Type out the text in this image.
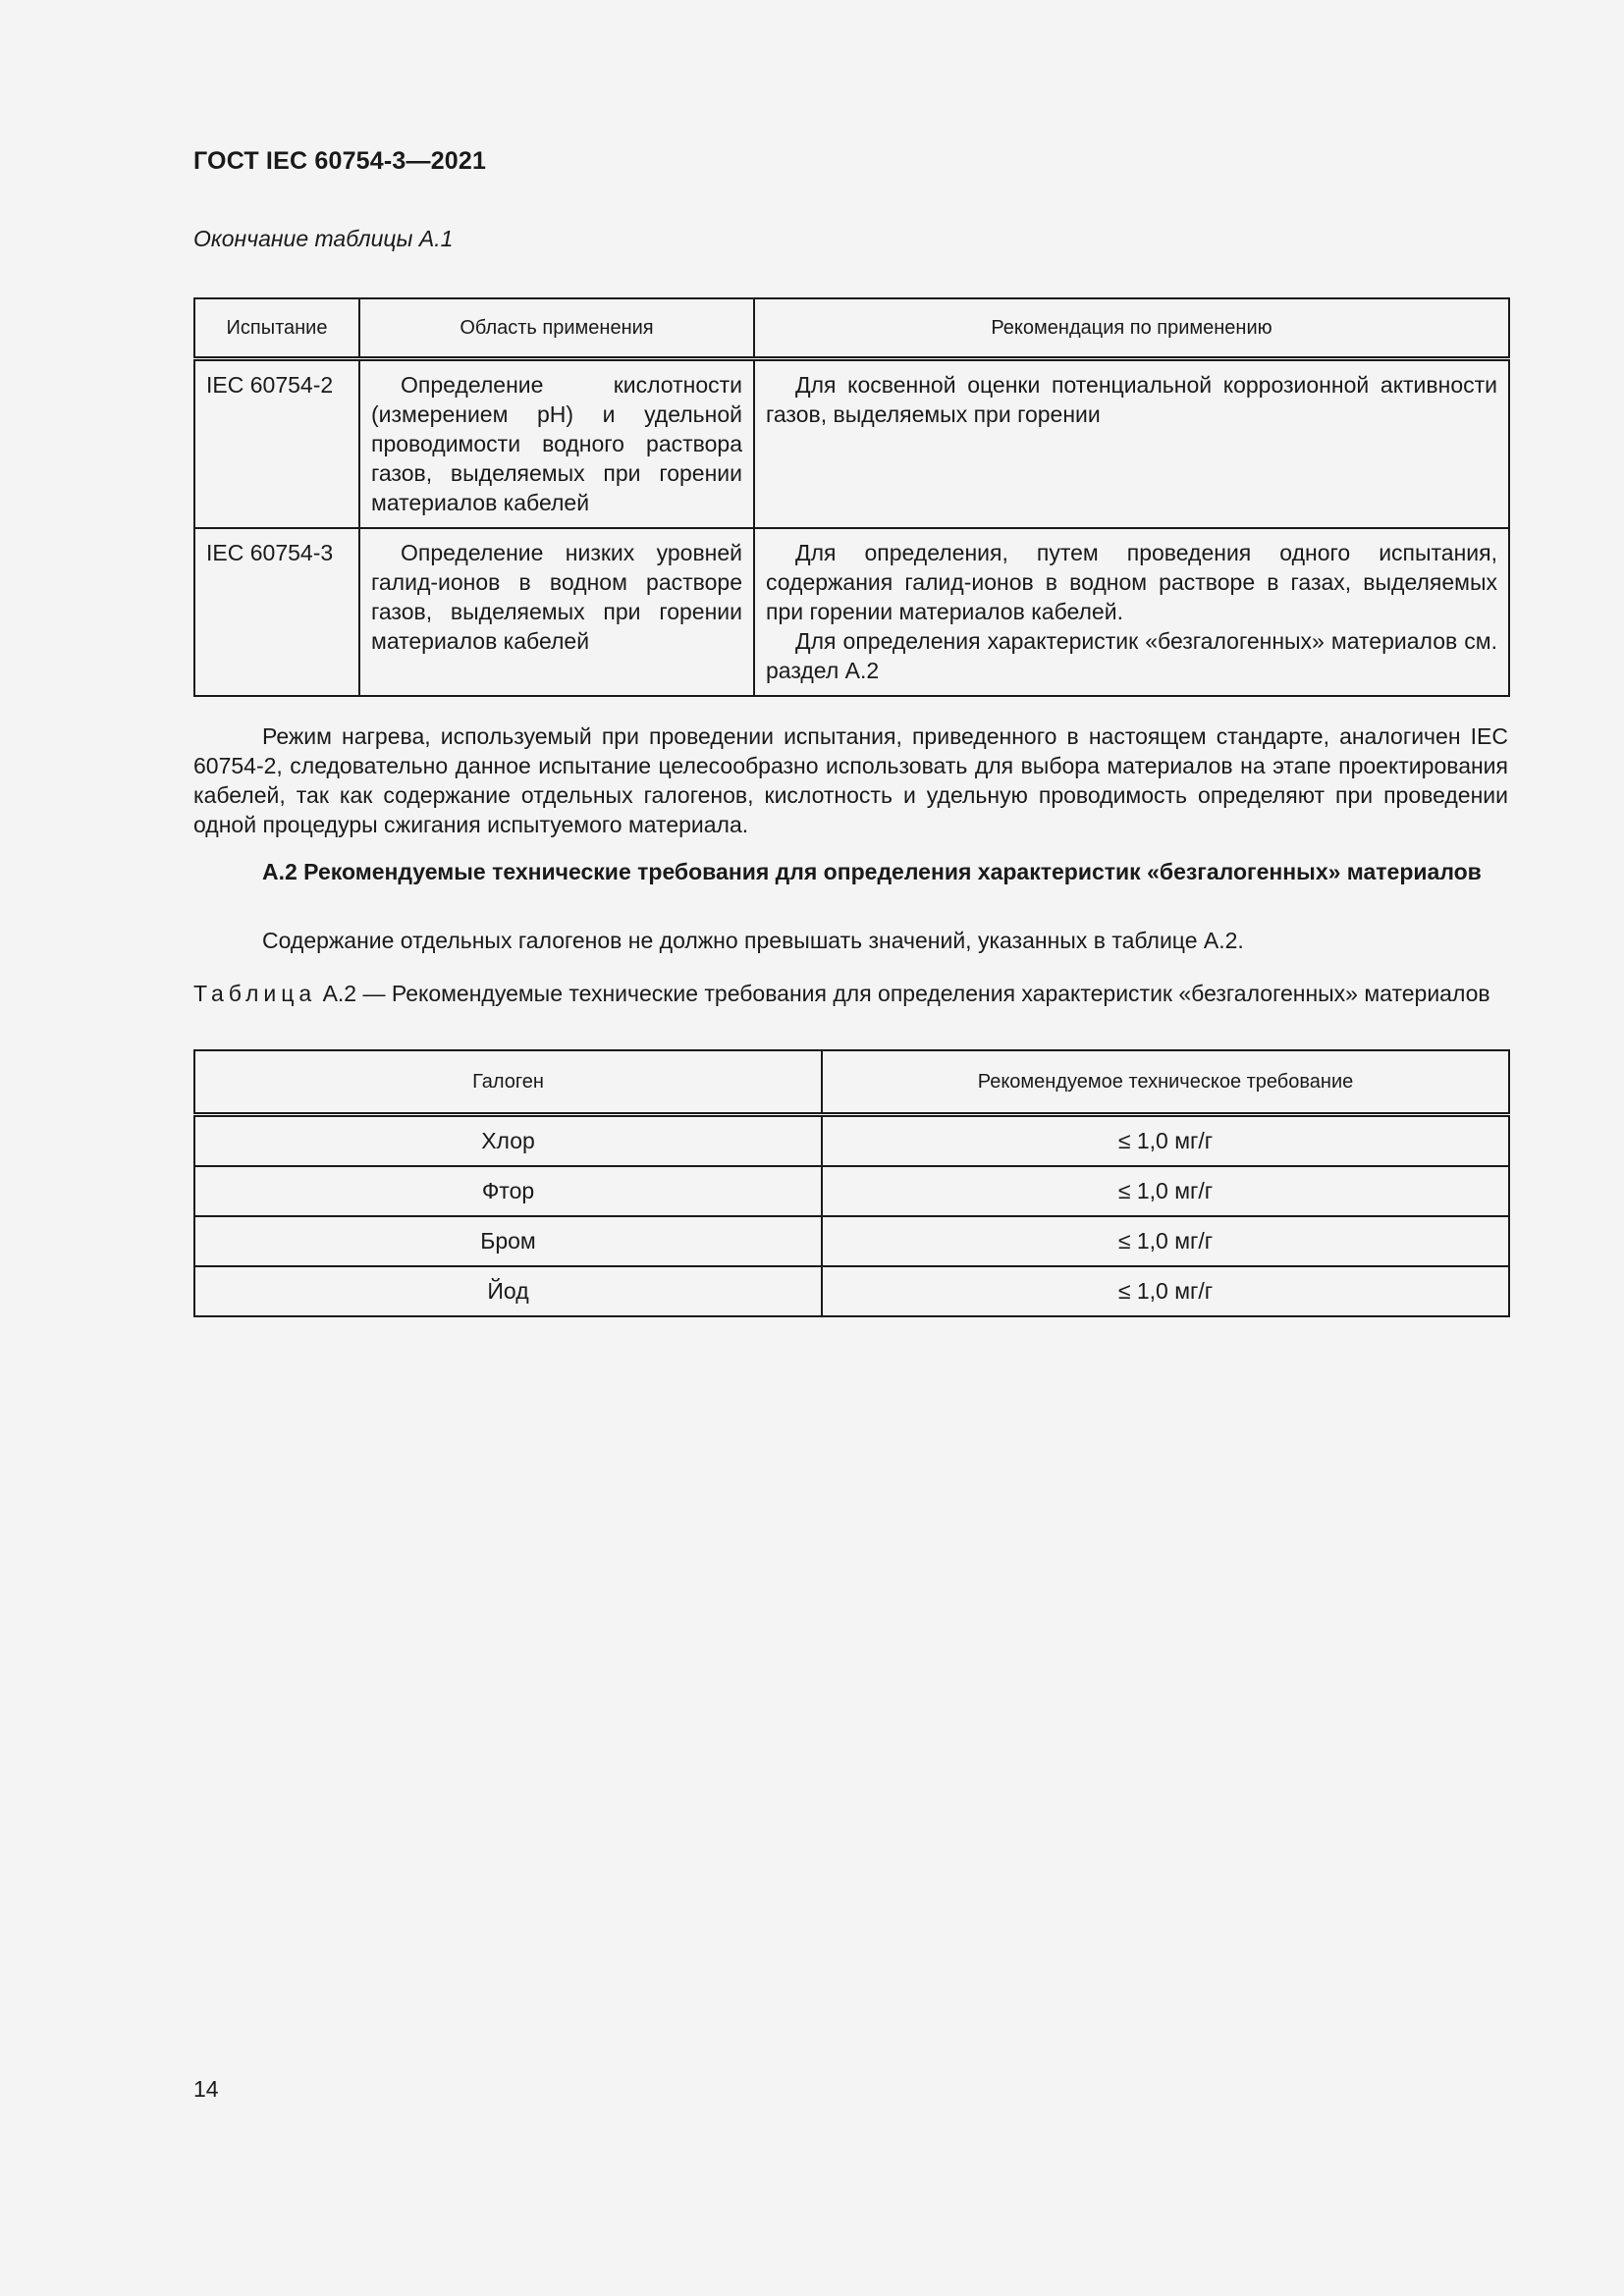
ГОСТ IEC 60754-3—2021
Окончание таблицы А.1
Испытание	Область применения	Рекомендация по применению
IEC 60754-2	Определение кислотности (измерением pH) и удельной проводимости водного раствора газов, выделяемых при горении материалов кабелей	Для косвенной оценки потенциальной коррозионной активности газов, выделяемых при горении

IEC 60754-3	Определение низких уровней галид-ионов в водном растворе газов, выделяемых при горении материалов кабелей	Для определения, путем проведения одного испытания, содержания галид-ионов в водном растворе в газах, выделяемых при горении материалов кабелей.

Для определения характеристик «безгалогенных» материалов см. раздел А.2

Режим нагрева, используемый при проведении испытания, приведенного в настоящем стандарте, аналогичен IEC 60754-2, следовательно данное испытание целесообразно использовать для выбора материалов на этапе проектирования кабелей, так как содержание отдельных галогенов, кислотность и удельную проводимость определяют при проведении одной процедуры сжигания испытуемого материала.

А.2 Рекомендуемые технические требования для определения характеристик «безгалогенных» материалов

Содержание отдельных галогенов не должно превышать значений, указанных в таблице А.2.

Таблица А.2 — Рекомендуемые технические требования для определения характеристик «безгалогенных» материалов

Галоген	Рекомендуемое техническое требование
Хлор	≤ 1,0 мг/г
Фтор	≤ 1,0 мг/г
Бром	≤ 1,0 мг/г
Йод	≤ 1,0 мг/г
14
